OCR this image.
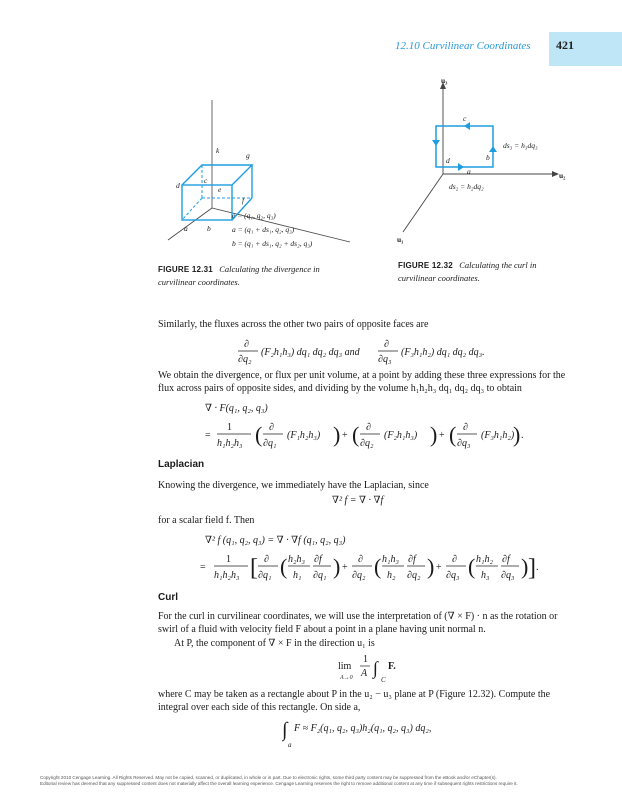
12.10 Curvilinear Coordinates 421
k
g
c
d	e
f
a	b
e = (q₁, q₂, q₃)
a = (q₁ + ds₁, q₂, q₃)
b = (q₁ + ds₁, q₂ + ds₂, q₃)
FIGURE 12.31 Calculating the divergence in curvilinear coordinates.
u₃
u₂
u₁
c
d	b
a
ds₃ = h₃dq₃
ds₂ = h₂dq₂
FIGURE 12.32 Calculating the curl in curvilinear coordinates.
Similarly, the fluxes across the other two pairs of opposite faces are
∂
∂q₂
(F₂h₁h₃) dq₁ dq₂ dq₃ and
∂
∂q₃
(F₃h₁h₂) dq₁ dq₂ dq₃.
We obtain the divergence, or flux per unit volume, at a point by adding these three expressions for the flux across pairs of opposite sides, and dividing by the volume h₁h₂h₃ dq₁ dq₂ dq₃ to obtain
∇ · F(q₁, q₂, q₃)
=
1
h₁h₂h₃ ( ∂
∂q₁
(F₁h₂h₃) ) + ( ∂
∂q₂
(F₂h₁h₃) ) + ( ∂
∂q₃
(F₃h₁h₂)
) .
Laplacian
Knowing the divergence, we immediately have the Laplacian, since
∇² f = ∇ · ∇f
for a scalar field f. Then
∇² f (q₁, q₂, q₃) = ∇ · ∇f (q₁, q₂, q₃)
=
1
h₁h₂h₃ [ ∂
∂q₁ ( h₂h₃
h₁
∂f
∂q₁ ) +
∂
∂q₂ ( h₁h₃
h₂
∂f
∂q₂ ) +
∂
∂q₃ ( h₁h₂
h₃
∂f
∂q₃ ) ] .
Curl
For the curl in curvilinear coordinates, we will use the interpretation of (∇ × F) · n as the rotation or swirl of a fluid with velocity field F about a point in a plane having unit normal n.
At P, the component of ∇ × F in the direction u₁ is
lim
A→0
1
A ∫
C
F.
where C may be taken as a rectangle about P in the u₂ − u₃ plane at P (Figure 12.32). Compute the integral over each side of this rectangle. On side a,
∫
a
F ≈ F₂(q₁, q₂, q₃)h₂(q₁, q₂, q₃) dq₂,
Copyright 2010 Cengage Learning. All Rights Reserved. May not be copied, scanned, or duplicated, in whole or in part. Due to electronic rights, some third party content may be suppressed from the eBook and/or eChapter(s).
Editorial review has deemed that any suppressed content does not materially affect the overall learning experience. Cengage Learning reserves the right to remove additional content at any time if subsequent rights restrictions require it.
